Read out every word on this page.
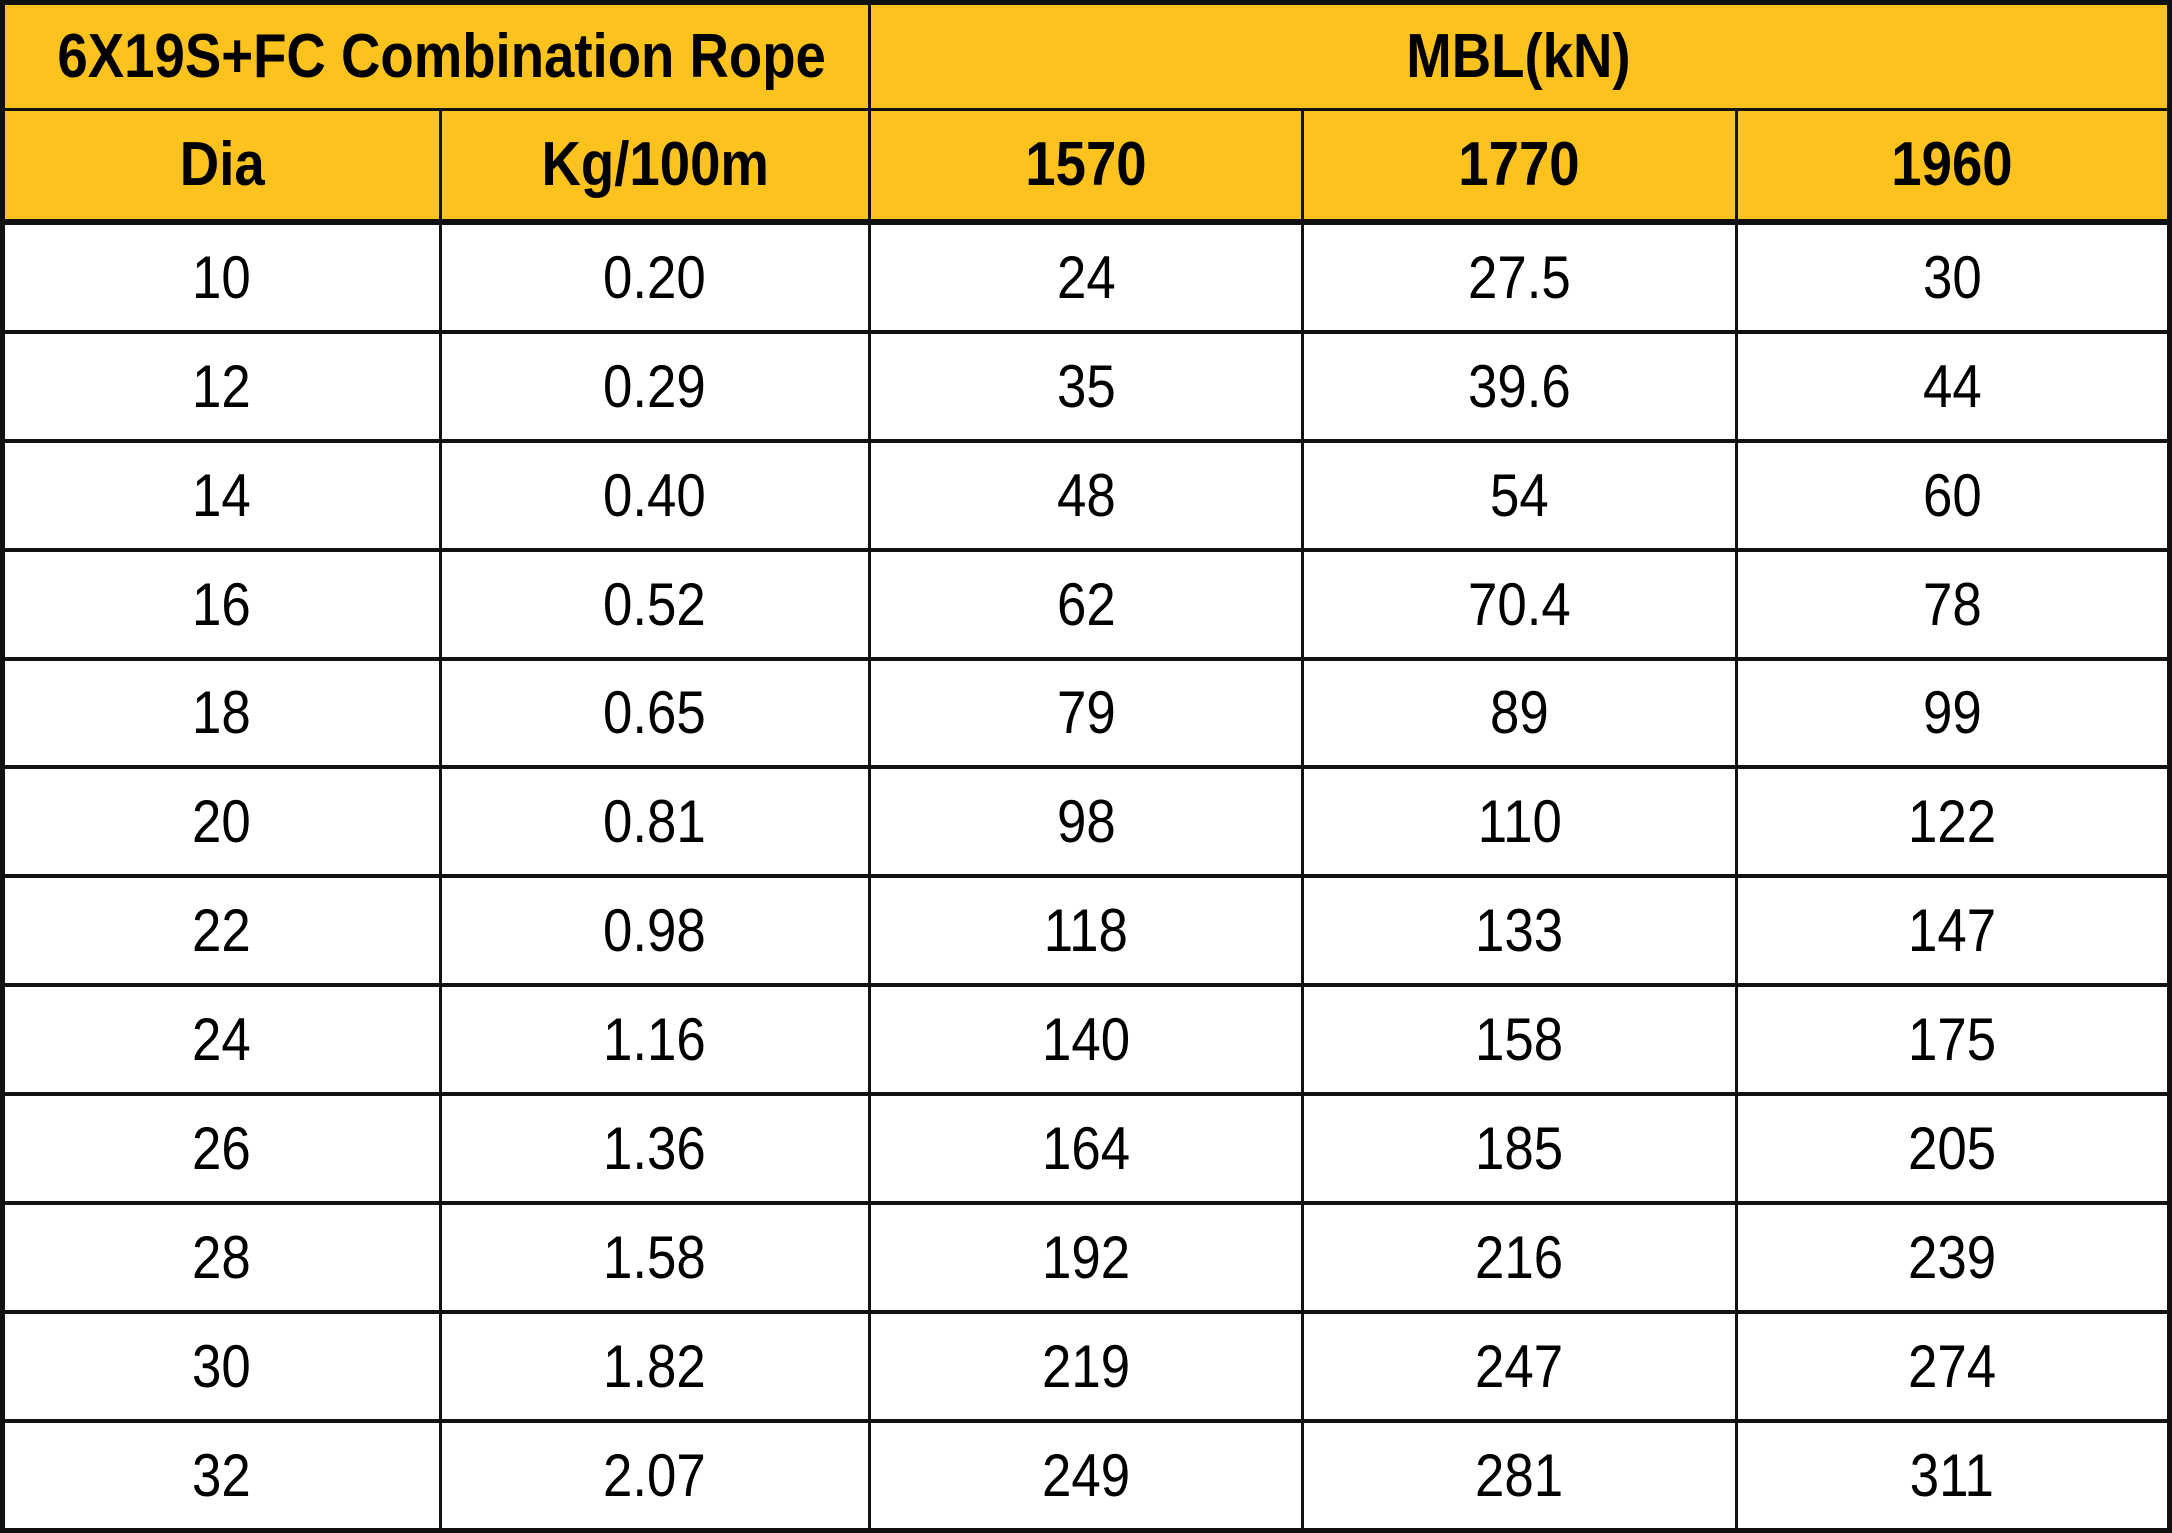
6X19S+FC Combination Rope		MBL(kN)		
Dia	Kg/100m	1570	1770	1960
10	0.20	24	27.5	30
12	0.29	35	39.6	44
14	0.40	48	54	60
16	0.52	62	70.4	78
18	0.65	79	89	99
20	0.81	98	110	122
22	0.98	118	133	147
24	1.16	140	158	175
26	1.36	164	185	205
28	1.58	192	216	239
30	1.82	219	247	274
32	2.07	249	281	311
